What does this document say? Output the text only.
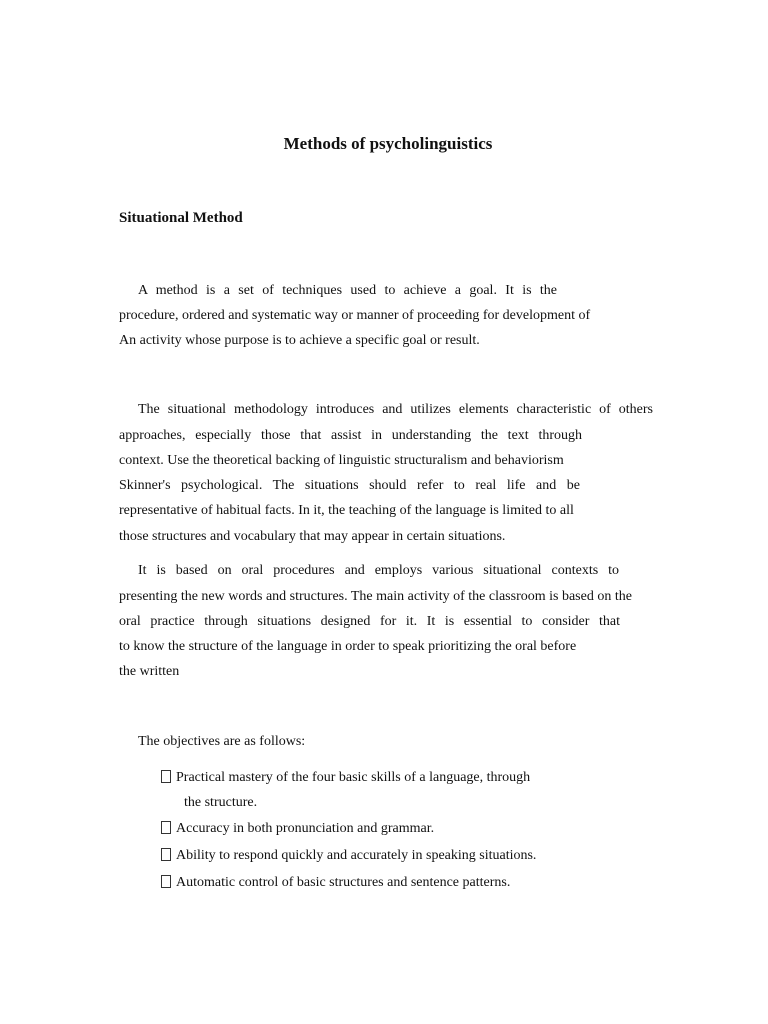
Methods of psycholinguistics
Situational Method

A method is a set of techniques used to achieve a goal. It is the

procedure, ordered and systematic way or manner of proceeding for development of

An activity whose purpose is to achieve a specific goal or result.

The situational methodology introduces and utilizes elements characteristic of others

approaches, especially those that assist in understanding the text through

context. Use the theoretical backing of linguistic structuralism and behaviorism

Skinner's psychological. The situations should refer to real life and be

representative of habitual facts. In it, the teaching of the language is limited to all

those structures and vocabulary that may appear in certain situations.

It is based on oral procedures and employs various situational contexts to

presenting the new words and structures. The main activity of the classroom is based on the

oral practice through situations designed for it. It is essential to consider that

to know the structure of the language in order to speak prioritizing the oral before

the written

The objectives are as follows:

Practical mastery of the four basic skills of a language, through

the structure.

Accuracy in both pronunciation and grammar.
Ability to respond quickly and accurately in speaking situations.
Automatic control of basic structures and sentence patterns.
